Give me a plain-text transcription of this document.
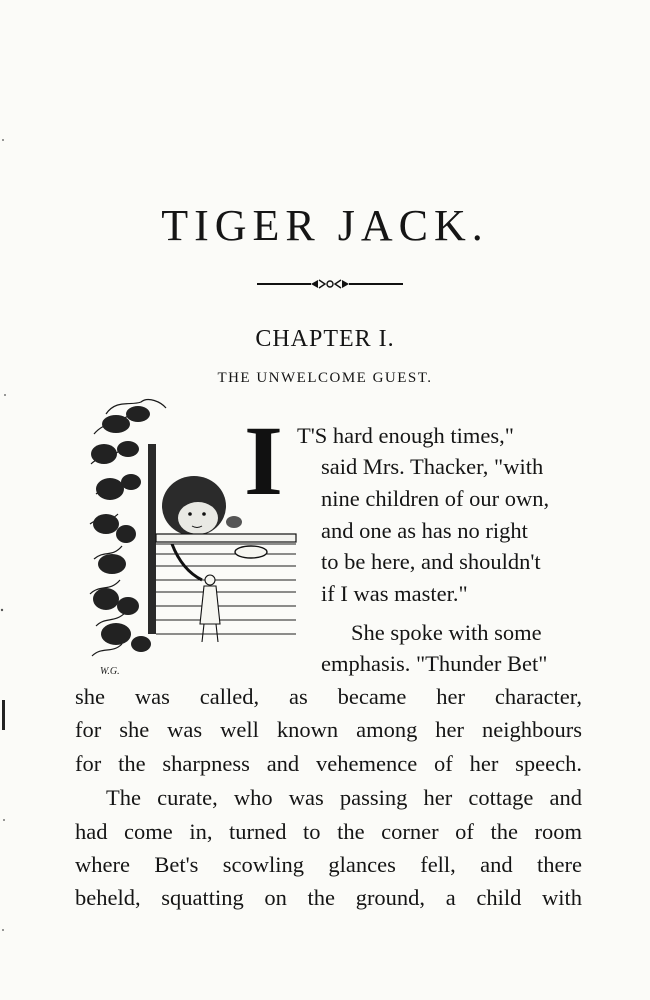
TIGER JACK.
CHAPTER I.
THE UNWELCOME GUEST.
W.G.
I T'S hard enough times,"
said Mrs. Thacker, "with
nine children of our own,
and one as has no right
to be here, and shouldn't
if I was master."
She spoke with some
emphasis. "Thunder Bet"
she was called, as became her character,
for she was well known among her neighbours
for the sharpness and vehemence of her speech.
The curate, who was passing her cottage and
had come in, turned to the corner of the room
where Bet's scowling glances fell, and there
beheld, squatting on the ground, a child with
